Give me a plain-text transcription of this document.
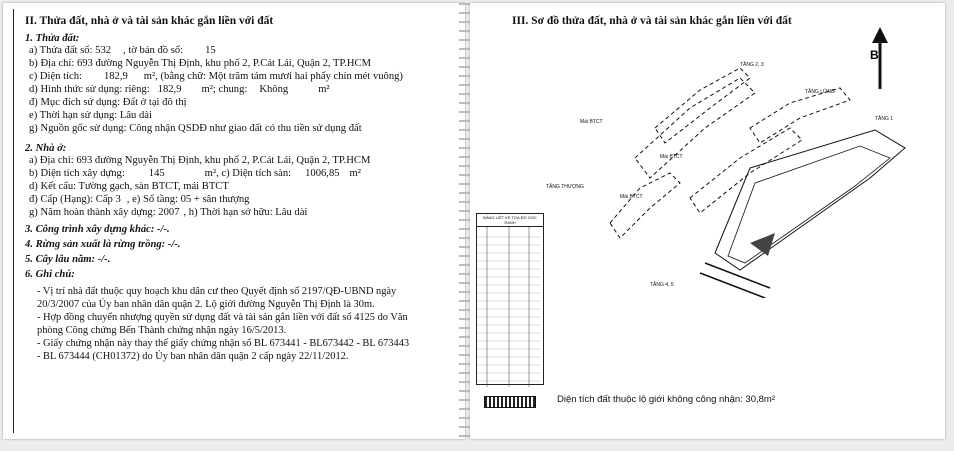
II. Thửa đất, nhà ở và tài sản khác gắn liền với đất
1. Thửa đất:
a) Thửa đất số: 532 , tờ bản đồ số: 15
b) Địa chỉ: 693 đường Nguyễn Thị Định, khu phố 2, P.Cát Lái, Quận 2, TP.HCM
c) Diện tích: 182,9 m², (bằng chữ: Một trăm tám mươi hai phẩy chín mét vuông)
d) Hình thức sử dụng: riêng: 182,9 m²; chung: Không	m²
đ) Mục đích sử dụng: Đất ở tại đô thị
e) Thời hạn sử dụng: Lâu dài
g) Nguồn gốc sử dụng: Công nhận QSDĐ như giao đất có thu tiền sử dụng đất
2. Nhà ở:
a) Địa chỉ: 693 đường Nguyễn Thị Định, khu phố 2, P.Cát Lái, Quận 2, TP.HCM
b) Diện tích xây dựng: 145	m², c) Diện tích sàn: 1006,85 m²
d) Kết cấu: Tường gạch, sàn BTCT, mái BTCT
đ) Cấp (Hạng): Cấp 3 , e) Số tầng: 05 + sân thượng
g) Năm hoàn thành xây dựng: 2007 , h) Thời hạn sở hữu: Lâu dài
3. Công trình xây dựng khác: -/-.
4. Rừng sản xuất là rừng trồng: -/-.
5. Cây lâu năm: -/-.
6. Ghi chú:
- Vị trí nhà đất thuộc quy hoạch khu dân cư theo Quyết định số 2197/QĐ-UBND ngày
20/3/2007 của Ủy ban nhân dân quận 2. Lộ giới đường Nguyễn Thị Định là 30m.
- Hợp đồng chuyển nhượng quyền sử dụng đất và tài sản gắn liền với đất số 4125 do Văn
phòng Công chứng Bến Thành chứng nhận ngày 16/5/2013.
- Giấy chứng nhận này thay thế giấy chứng nhận số BL 673441 - BL673442 - BL 673443
- BL 673444 (CH01372) do Ủy ban nhân dân quận 2 cấp ngày 22/11/2012.
III. Sơ đồ thửa đất, nhà ở và tài sản khác gắn liền với đất
B
TẦNG 2, 3
TẦNG LỬNG
TẦNG 1
TẦNG THƯỢNG
TẦNG 4, 5
Mái BTCT
Mái BTCT
Mái BTCT
BẢNG LIỆT KÊ TỌA ĐỘ GÓC RANH
Diện tích đất thuộc lộ giới không công nhận: 30,8m²
